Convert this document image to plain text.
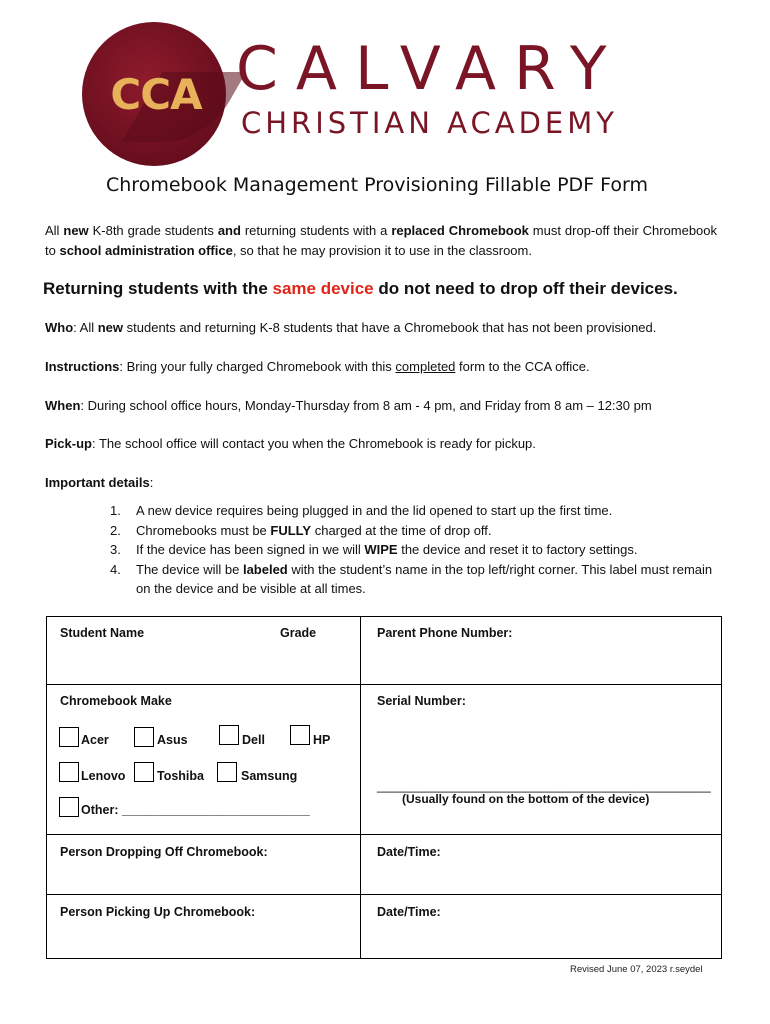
CCA CALVARY
CHRISTIAN ACADEMY
Chromebook Management Provisioning Fillable PDF Form
All new K-8th grade students and returning students with a replaced Chromebook must drop-off their Chromebook to school administration office, so that he may provision it to use in the classroom.
Returning students with the same device do not need to drop off their devices.
Who: All new students and returning K-8 students that have a Chromebook that has not been provisioned.
Instructions: Bring your fully charged Chromebook with this completed form to the CCA office.
When: During school office hours, Monday-Thursday from 8 am - 4 pm, and Friday from 8 am – 12:30 pm
Pick-up: The school office will contact you when the Chromebook is ready for pickup.
Important details:
1. A new device requires being plugged in and the lid opened to start up the first time.
2. Chromebooks must be FULLY charged at the time of drop off.
3. If the device has been signed in we will WIPE the device and reset it to factory settings.
4. The device will be labeled with the student’s name in the top left/right corner. This label must remain on the device and be visible at all times.
Student Name	Grade	Parent Phone Number:
Chromebook Make	Serial Number:
Acer	Asus	Dell	HP
Lenovo	Toshiba	Samsung
Other: ___________________________
________________________________________________
(Usually found on the bottom of the device)
Person Dropping Off Chromebook:	Date/Time:
Person Picking Up Chromebook:	Date/Time:
Revised June 07, 2023 r.seydel
